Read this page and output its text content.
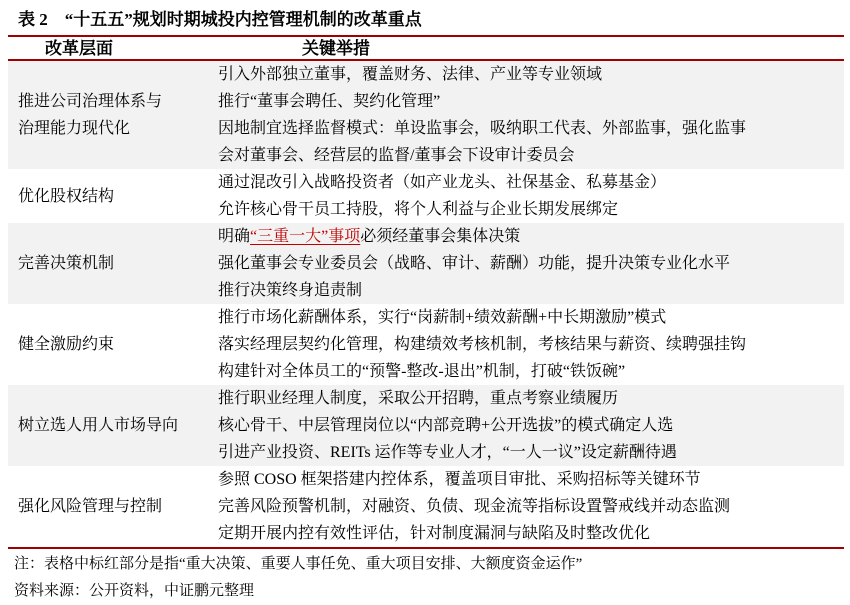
表 2　“十五五”规划时期城投内控管理机制的改革重点
改革层面	关键举措
推进公司治理体系与
治理能力现代化
引入外部独立董事，覆盖财务、法律、产业等专业领域
推行“董事会聘任、契约化管理”
因地制宜选择监督模式：单设监事会，吸纳职工代表、外部监事，强化监事
会对董事会、经营层的监督/董事会下设审计委员会
优化股权结构
通过混改引入战略投资者（如产业龙头、社保基金、私募基金）
允许核心骨干员工持股，将个人利益与企业长期发展绑定
完善决策机制
明确“三重一大”事项必须经董事会集体决策
强化董事会专业委员会（战略、审计、薪酬）功能，提升决策专业化水平
推行决策终身追责制
健全激励约束
推行市场化薪酬体系，实行“岗薪制+绩效薪酬+中长期激励”模式
落实经理层契约化管理，构建绩效考核机制，考核结果与薪资、续聘强挂钩
构建针对全体员工的“预警-整改-退出”机制，打破“铁饭碗”
树立选人用人市场导向
推行职业经理人制度，采取公开招聘，重点考察业绩履历
核心骨干、中层管理岗位以“内部竞聘+公开选拔”的模式确定人选
引进产业投资、REITs 运作等专业人才，“一人一议”设定薪酬待遇
强化风险管理与控制
参照 COSO 框架搭建内控体系，覆盖项目审批、采购招标等关键环节
完善风险预警机制，对融资、负债、现金流等指标设置警戒线并动态监测
定期开展内控有效性评估，针对制度漏洞与缺陷及时整改优化
注：表格中标红部分是指“重大决策、重要人事任免、重大项目安排、大额度资金运作”
资料来源：公开资料，中证鹏元整理
